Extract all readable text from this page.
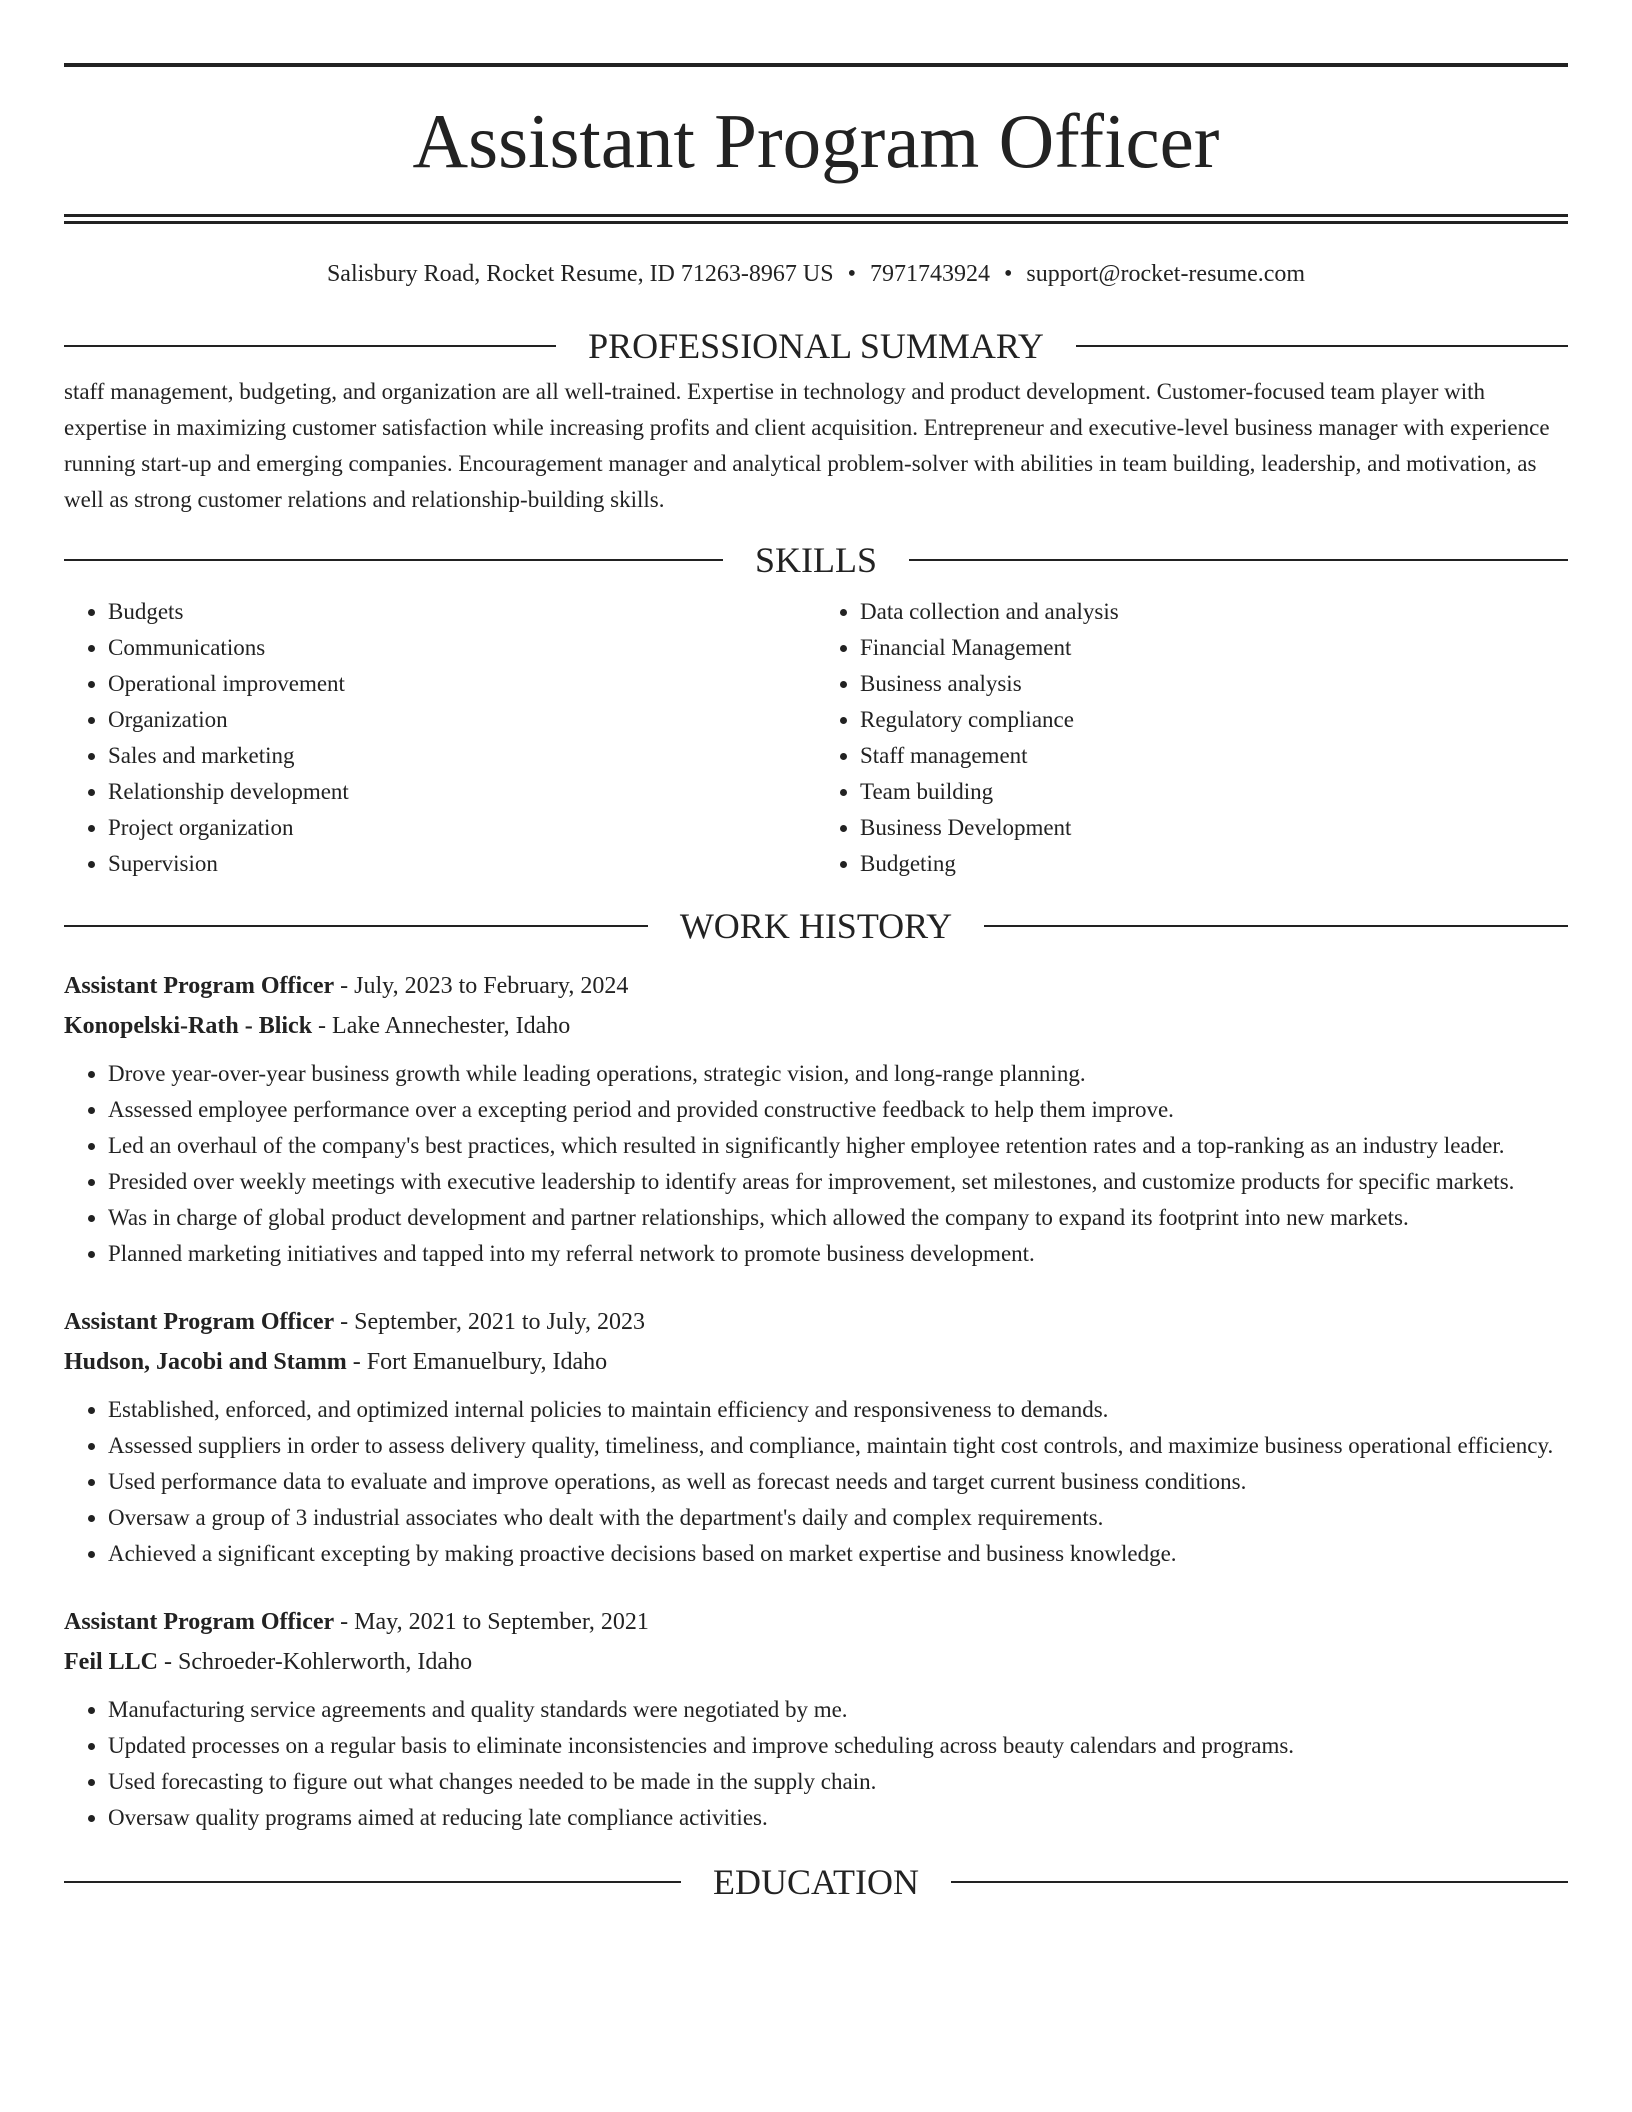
Assistant Program Officer
Salisbury Road, Rocket Resume, ID 71263-8967 US • 7971743924 • support@rocket-resume.com
PROFESSIONAL SUMMARY

staff management, budgeting, and organization are all well-trained. Expertise in technology and product development. Customer-focused team player with expertise in maximizing customer satisfaction while increasing profits and client acquisition. Entrepreneur and executive-level business manager with experience running start-up and emerging companies. Encouragement manager and analytical problem-solver with abilities in team building, leadership, and motivation, as well as strong customer relations and relationship-building skills.

SKILLS
• Budgets
• Communications
• Operational improvement
• Organization
• Sales and marketing
• Relationship development
• Project organization
• Supervision
• Data collection and analysis
• Financial Management
• Business analysis
• Regulatory compliance
• Staff management
• Team building
• Business Development
• Budgeting
WORK HISTORY
Assistant Program Officer - July, 2023 to February, 2024
Konopelski-Rath - Blick - Lake Annechester, Idaho
• Drove year-over-year business growth while leading operations, strategic vision, and long-range planning.
• Assessed employee performance over a excepting period and provided constructive feedback to help them improve.
• Led an overhaul of the company's best practices, which resulted in significantly higher employee retention rates and a top-ranking as an industry leader.
• Presided over weekly meetings with executive leadership to identify areas for improvement, set milestones, and customize products for specific markets.
• Was in charge of global product development and partner relationships, which allowed the company to expand its footprint into new markets.
• Planned marketing initiatives and tapped into my referral network to promote business development.
Assistant Program Officer - September, 2021 to July, 2023
Hudson, Jacobi and Stamm - Fort Emanuelbury, Idaho
• Established, enforced, and optimized internal policies to maintain efficiency and responsiveness to demands.
• Assessed suppliers in order to assess delivery quality, timeliness, and compliance, maintain tight cost controls, and maximize business operational efficiency.
• Used performance data to evaluate and improve operations, as well as forecast needs and target current business conditions.
• Oversaw a group of 3 industrial associates who dealt with the department's daily and complex requirements.
• Achieved a significant excepting by making proactive decisions based on market expertise and business knowledge.
Assistant Program Officer - May, 2021 to September, 2021
Feil LLC - Schroeder-Kohlerworth, Idaho
• Manufacturing service agreements and quality standards were negotiated by me.
• Updated processes on a regular basis to eliminate inconsistencies and improve scheduling across beauty calendars and programs.
• Used forecasting to figure out what changes needed to be made in the supply chain.
• Oversaw quality programs aimed at reducing late compliance activities.
EDUCATION
